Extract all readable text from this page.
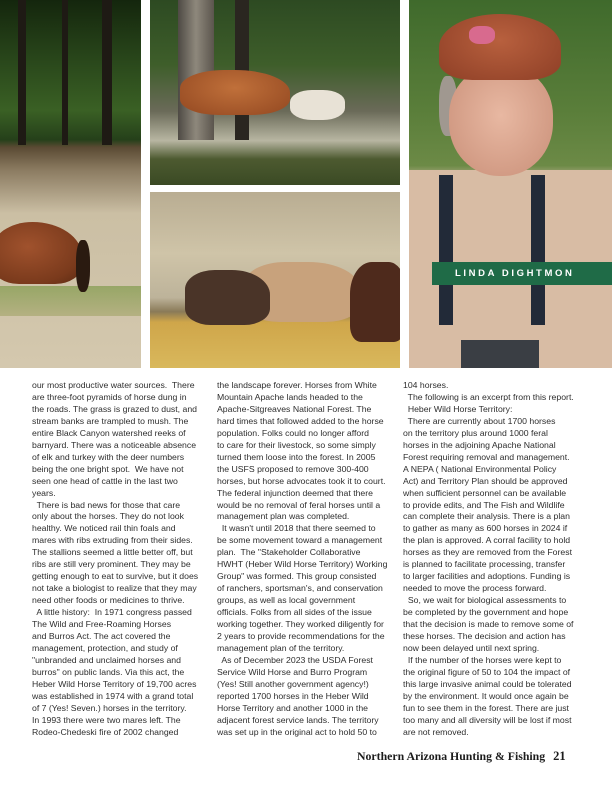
LINDA DIGHTMON

our most productive water sources.  There

are three-foot pyramids of horse dung in

the roads. The grass is grazed to dust, and

stream banks are trampled to mush. The

entire Black Canyon watershed reeks of

barnyard. There was a noticeable absence

of elk and turkey with the deer numbers

being the one bright spot.  We have not

seen one head of cattle in the last two

years.

There is bad news for those that care

only about the horses. They do not look

healthy. We noticed rail thin foals and

mares with ribs extruding from their sides.

The stallions seemed a little better off, but

ribs are still very prominent. They may be

getting enough to eat to survive, but it does

not take a biologist to realize that they may

need other foods or medicines to thrive.

A little history:  In 1971 congress passed

The Wild and Free-Roaming Horses

and Burros Act. The act covered the

management, protection, and study of

"unbranded and unclaimed horses and

burros" on public lands. Via this act, the

Heber Wild Horse Territory of 19,700 acres

was established in 1974 with a grand total

of 7 (Yes! Seven.) horses in the territory.

In 1993 there were two mares left. The

Rodeo-Chedeski fire of 2002 changed

the landscape forever. Horses from White

Mountain Apache lands headed to the

Apache-Sitgreaves National Forest. The

hard times that followed added to the horse

population. Folks could no longer afford

to care for their livestock, so some simply

turned them loose into the forest. In 2005

the USFS proposed to remove 300-400

horses, but horse advocates took it to court.

The federal injunction deemed that there

would be no removal of feral horses until a

management plan was completed.

It wasn't until 2018 that there seemed to

be some movement toward a management

plan.  The "Stakeholder Collaborative

HWHT (Heber Wild Horse Territory) Working

Group" was formed. This group consisted

of ranchers, sportsman's, and conservation

groups, as well as local government

officials. Folks from all sides of the issue

working together. They worked diligently for

2 years to provide recommendations for the

management plan of the territory.

As of December 2023 the USDA Forest

Service Wild Horse and Burro Program

(Yes! Still another government agency!)

reported 1700 horses in the Heber Wild

Horse Territory and another 1000 in the

adjacent forest service lands. The territory

was set up in the original act to hold 50 to

104 horses.

The following is an excerpt from this report.

Heber Wild Horse Territory:

There are currently about 1700 horses

on the territory plus around 1000 feral

horses in the adjoining Apache National

Forest requiring removal and management.

A NEPA ( National Environmental Policy

Act) and Territory Plan should be approved

when sufficient personnel can be available

to provide edits, and The Fish and Wildlife

can complete their analysis. There is a plan

to gather as many as 600 horses in 2024 if

the plan is approved. A corral facility to hold

horses as they are removed from the Forest

is planned to facilitate processing, transfer

to larger facilities and adoptions. Funding is

needed to move the process forward.

So, we wait for biological assessments to

be completed by the government and hope

that the decision is made to remove some of

these horses. The decision and action has

now been delayed until next spring.

If the number of the horses were kept to

the original figure of 50 to 104 the impact of

this large invasive animal could be tolerated

by the environment. It would once again be

fun to see them in the forest. There are just

too many and all diversity will be lost if most

are not removed.

Northern Arizona Hunting & Fishing 21
